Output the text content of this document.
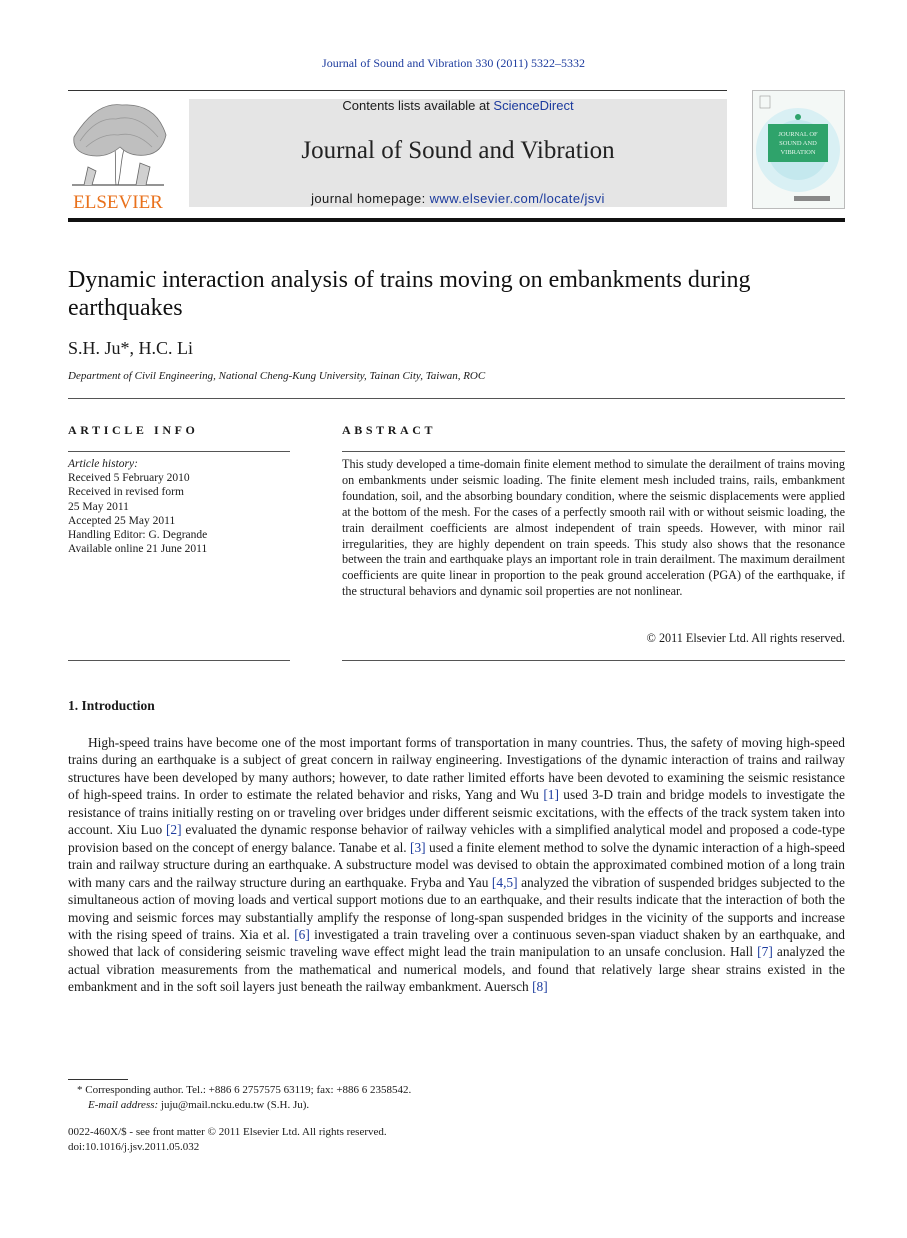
Journal of Sound and Vibration 330 (2011) 5322–5332
ELSEVIER
Contents lists available at ScienceDirect
Journal of Sound and Vibration
journal homepage: www.elsevier.com/locate/jsvi
JOURNAL OF
SOUND AND
VIBRATION
Dynamic interaction analysis of trains moving on embankments during earthquakes
S.H. Ju*, H.C. Li
Department of Civil Engineering, National Cheng-Kung University, Tainan City, Taiwan, ROC
ARTICLE INFO	ABSTRACT
Article history:
Received 5 February 2010
Received in revised form
25 May 2011
Accepted 25 May 2011
Handling Editor: G. Degrande
Available online 21 June 2011
This study developed a time-domain finite element method to simulate the derailment of trains moving on embankments under seismic loading. The finite element mesh included trains, rails, embankment foundation, soil, and the absorbing boundary condition, where the seismic displacements were applied at the bottom of the mesh. For the cases of a perfectly smooth rail with or without seismic loading, the train derailment coefficients are almost independent of train speeds. However, with minor rail irregularities, they are highly dependent on train speeds. This study also shows that the resonance between the train and earthquake plays an important role in train derailment. The maximum derailment coefficients are quite linear in proportion to the peak ground acceleration (PGA) of the earthquake, if the structural behaviors and dynamic soil properties are not nonlinear.
© 2011 Elsevier Ltd. All rights reserved.
1. Introduction
High-speed trains have become one of the most important forms of transportation in many countries. Thus, the safety of moving high-speed trains during an earthquake is a subject of great concern in railway engineering. Investigations of the dynamic interaction of trains and railway structures have been developed by many authors; however, to date rather limited efforts have been devoted to examining the seismic resistance of high-speed trains. In order to estimate the related behavior and risks, Yang and Wu [1] used 3-D train and bridge models to investigate the resistance of trains initially resting on or traveling over bridges under different seismic excitations, with the effects of the track system taken into account. Xiu Luo [2] evaluated the dynamic response behavior of railway vehicles with a simplified analytical model and proposed a code-type provision based on the concept of energy balance. Tanabe et al. [3] used a finite element method to solve the dynamic interaction of a high-speed train and railway structure during an earthquake. A substructure model was devised to obtain the approximated combined motion of a long train with many cars and the railway structure during an earthquake. Fryba and Yau [4,5] analyzed the vibration of suspended bridges subjected to the simultaneous action of moving loads and vertical support motions due to an earthquake, and their results indicate that the interaction of both the moving and seismic forces may substantially amplify the response of long-span suspended bridges in the vicinity of the supports and increase with the rising speed of trains. Xia et al. [6] investigated a train traveling over a continuous seven-span viaduct shaken by an earthquake, and showed that lack of considering seismic traveling wave effect might lead the train manipulation to an unsafe conclusion. Hall [7] analyzed the actual vibration measurements from the mathematical and numerical models, and found that relatively large shear strains existed in the embankment and in the soft soil layers just beneath the railway embankment. Auersch [8]
* Corresponding author. Tel.: +886 6 2757575 63119; fax: +886 6 2358542.
E-mail address: juju@mail.ncku.edu.tw (S.H. Ju).
0022-460X/$ - see front matter © 2011 Elsevier Ltd. All rights reserved.
doi:10.1016/j.jsv.2011.05.032
